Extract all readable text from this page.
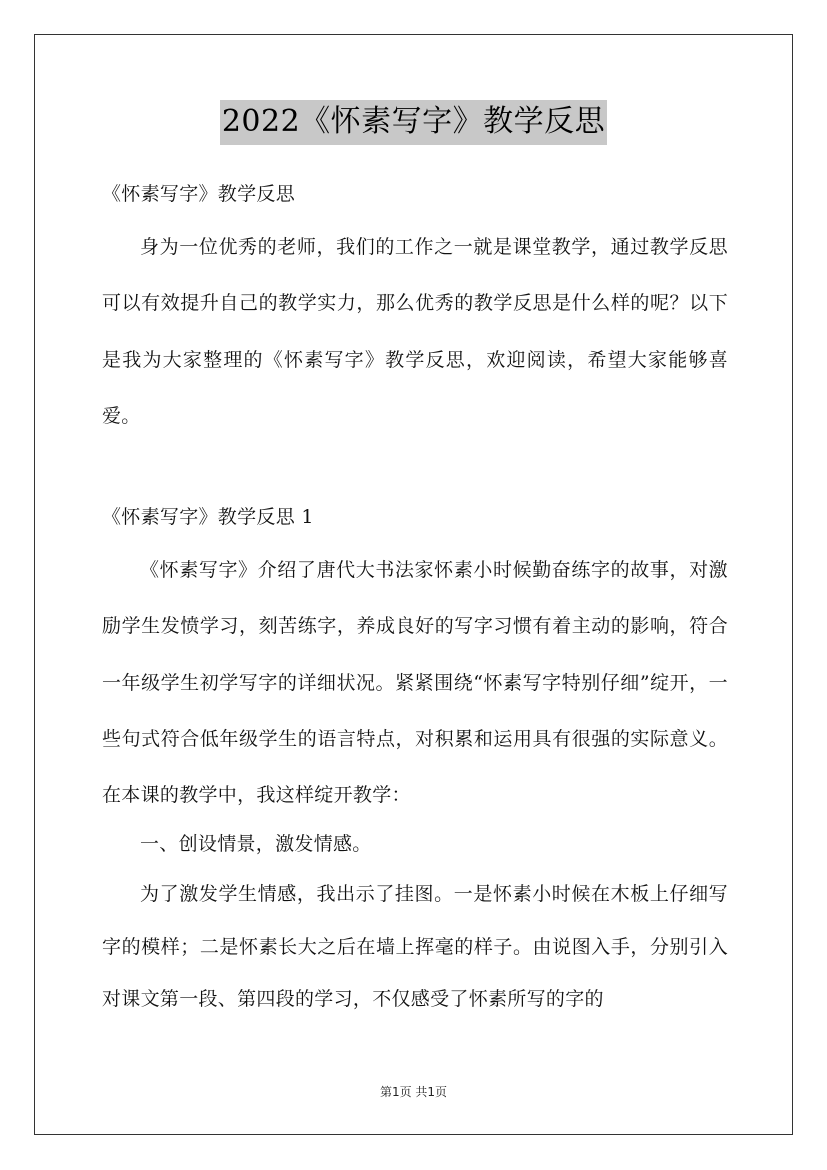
2022《怀素写字》教学反思

《怀素写字》教学反思

身为一位优秀的老师，我们的工作之一就是课堂教学，通过教学反思可以有效提升自己的教学实力，那么优秀的教学反思是什么样的呢？以下是我为大家整理的《怀素写字》教学反思，欢迎阅读，希望大家能够喜爱。

《怀素写字》教学反思 1

《怀素写字》介绍了唐代大书法家怀素小时候勤奋练字的故事，对激励学生发愤学习，刻苦练字，养成良好的写字习惯有着主动的影响，符合一年级学生初学写字的详细状况。紧紧围绕“怀素写字特别仔细”绽开，一些句式符合低年级学生的语言特点，对积累和运用具有很强的实际意义。在本课的教学中，我这样绽开教学：

一、创设情景，激发情感。

为了激发学生情感，我出示了挂图。一是怀素小时候在木板上仔细写字的模样；二是怀素长大之后在墙上挥毫的样子。由说图入手，分别引入对课文第一段、第四段的学习，不仅感受了怀素所写的字的

第1页 共1页
